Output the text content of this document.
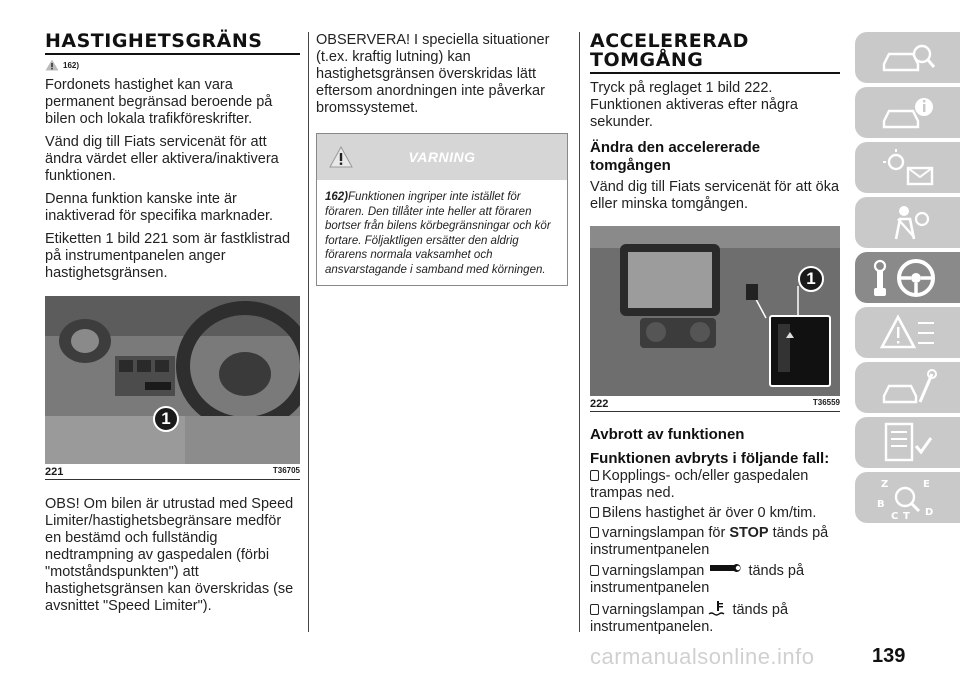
HASTIGHETSGRÄNS
162)

Fordonets hastighet kan vara permanent begränsad beroende på bilen och lokala trafikföreskrifter.

Vänd dig till Fiats servicenät för att ändra värdet eller aktivera/inaktivera funktionen.

Denna funktion kanske inte är inaktiverad för specifika marknader.

Etiketten 1 bild 221 som är fastklistrad på instrumentpanelen anger hastighetsgränsen.

1
221	T36705

OBS! Om bilen är utrustad med Speed Limiter/hastighetsbegränsare medför en bestämd och fullständig nedtrampning av gaspedalen (förbi "motståndspunkten") att hastighetsgränsen kan överskridas (se avsnittet "Speed Limiter").

OBSERVERA! I speciella situationer (t.ex. kraftig lutning) kan hastighetsgränsen överskridas lätt eftersom anordningen inte påverkar bromssystemet.

VARNING
162)Funktionen ingriper inte istället för föraren. Den tillåter inte heller att föraren bortser från bilens körbegränsningar och kör fortare. Följaktligen ersätter den aldrig förarens normala vaksamhet och ansvarstagande i samband med körningen.
ACCELERERAD
TOMGÅNG

Tryck på reglaget 1 bild 222. Funktionen aktiveras efter några sekunder.

Ändra den accelererade tomgången

Vänd dig till Fiats servicenät för att öka eller minska tomgången.

1
222	T36559
Avbrott av funktionen
Funktionen avbryts i följande fall:
Kopplings- och/eller gaspedalen trampas ned.
Bilens hastighet är över 0 km/tim.
varningslampan för STOP tänds på instrumentpanelen
varningslampan	tänds på instrumentpanelen
varningslampan tänds på instrumentpanelen.
Z	E
B
C T D
carmanualsonline.info	139
